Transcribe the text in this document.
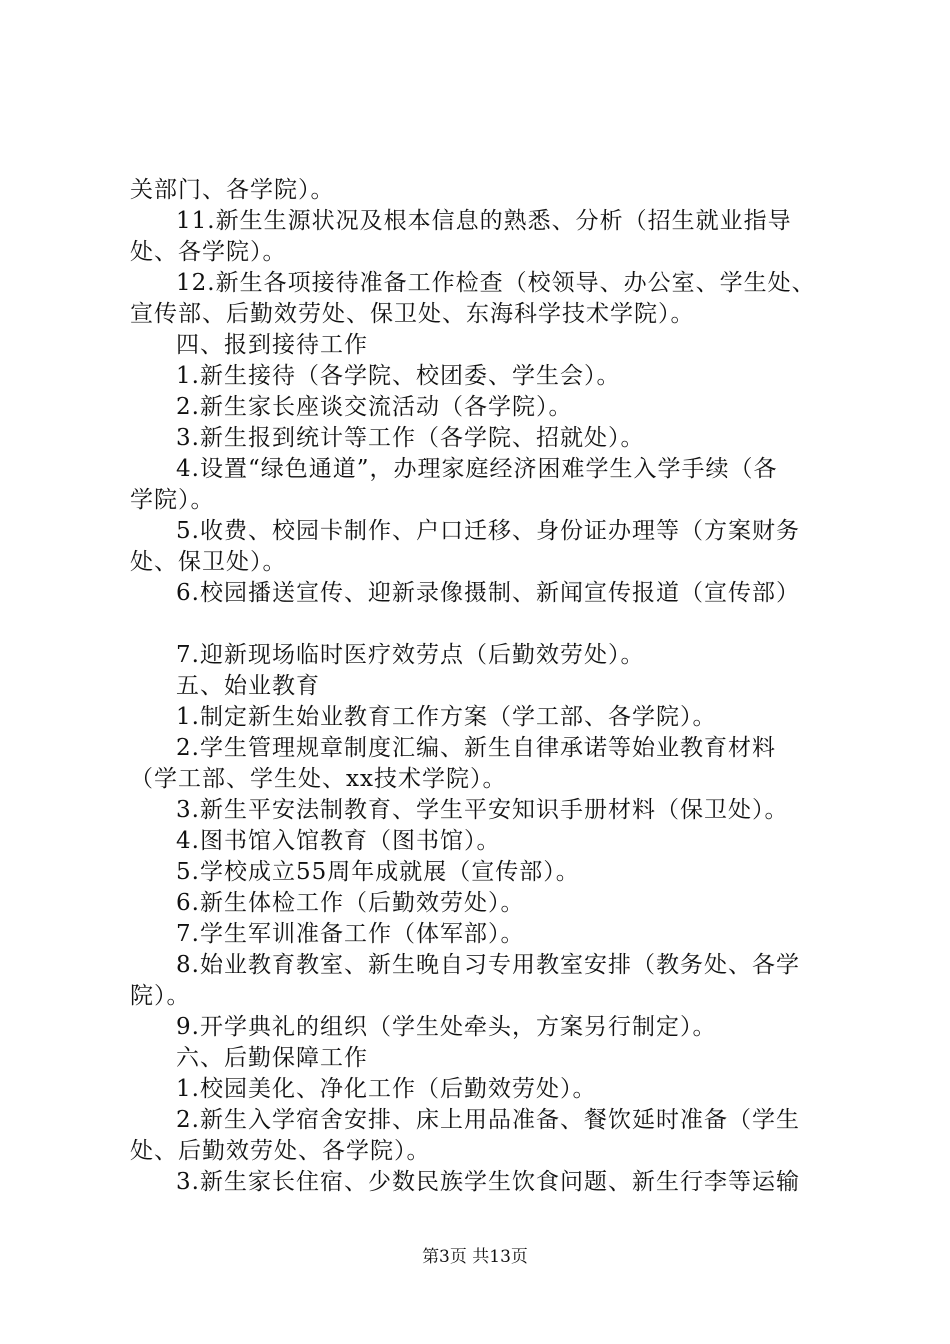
关部门、各学院）。
11.新生生源状况及根本信息的熟悉、分析（招生就业指导
处、各学院）。
12.新生各项接待准备工作检查（校领导、办公室、学生处、
宣传部、后勤效劳处、保卫处、东海科学技术学院）。
四、报到接待工作
1.新生接待（各学院、校团委、学生会）。
2.新生家长座谈交流活动（各学院）。
3.新生报到统计等工作（各学院、招就处）。
4.设置“绿色通道”，办理家庭经济困难学生入学手续（各
学院）。
5.收费、校园卡制作、户口迁移、身份证办理等（方案财务
处、保卫处）。
6.校园播送宣传、迎新录像摄制、新闻宣传报道（宣传部）
7.迎新现场临时医疗效劳点（后勤效劳处）。
五、始业教育
1.制定新生始业教育工作方案（学工部、各学院）。
2.学生管理规章制度汇编、新生自律承诺等始业教育材料
（学工部、学生处、xx技术学院）。
3.新生平安法制教育、学生平安知识手册材料（保卫处）。
4.图书馆入馆教育（图书馆）。
5.学校成立55周年成就展（宣传部）。
6.新生体检工作（后勤效劳处）。
7.学生军训准备工作（体军部）。
8.始业教育教室、新生晚自习专用教室安排（教务处、各学
院）。
9.开学典礼的组织（学生处牵头，方案另行制定）。
六、后勤保障工作
1.校园美化、净化工作（后勤效劳处）。
2.新生入学宿舍安排、床上用品准备、餐饮延时准备（学生
处、后勤效劳处、各学院）。
3.新生家长住宿、少数民族学生饮食问题、新生行李等运输
第3页 共13页
